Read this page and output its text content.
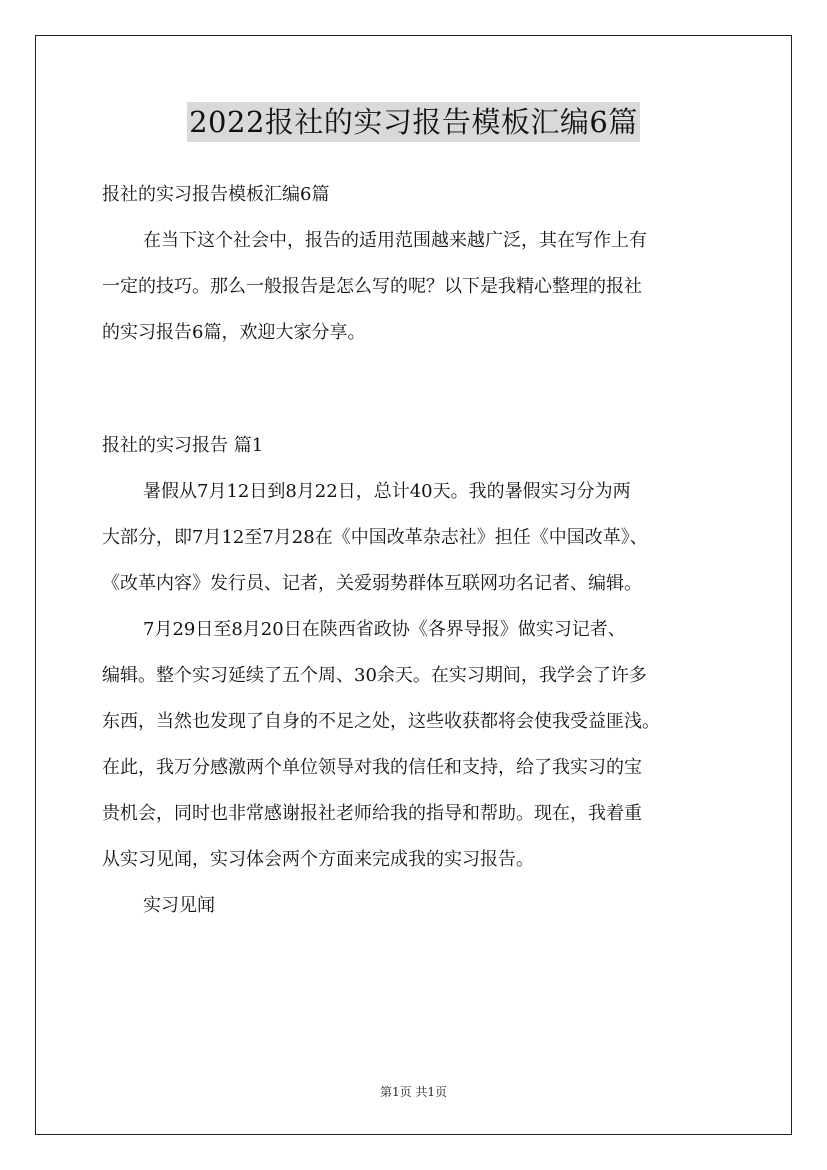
2022报社的实习报告模板汇编6篇
报社的实习报告模板汇编6篇
在当下这个社会中，报告的适用范围越来越广泛，其在写作上有
一定的技巧。那么一般报告是怎么写的呢？以下是我精心整理的报社
的实习报告6篇，欢迎大家分享。
报社的实习报告 篇1
暑假从7月12日到8月22日，总计40天。我的暑假实习分为两
大部分，即7月12至7月28在《中国改革杂志社》担任《中国改革》、
《改革内容》发行员、记者，关爱弱势群体互联网功名记者、编辑。
7月29日至8月20日在陕西省政协《各界导报》做实习记者、
编辑。整个实习延续了五个周、30余天。在实习期间，我学会了许多
东西，当然也发现了自身的不足之处，这些收获都将会使我受益匪浅。
在此，我万分感激两个单位领导对我的信任和支持，给了我实习的宝
贵机会，同时也非常感谢报社老师给我的指导和帮助。现在，我着重
从实习见闻，实习体会两个方面来完成我的实习报告。
实习见闻
第1页 共1页
